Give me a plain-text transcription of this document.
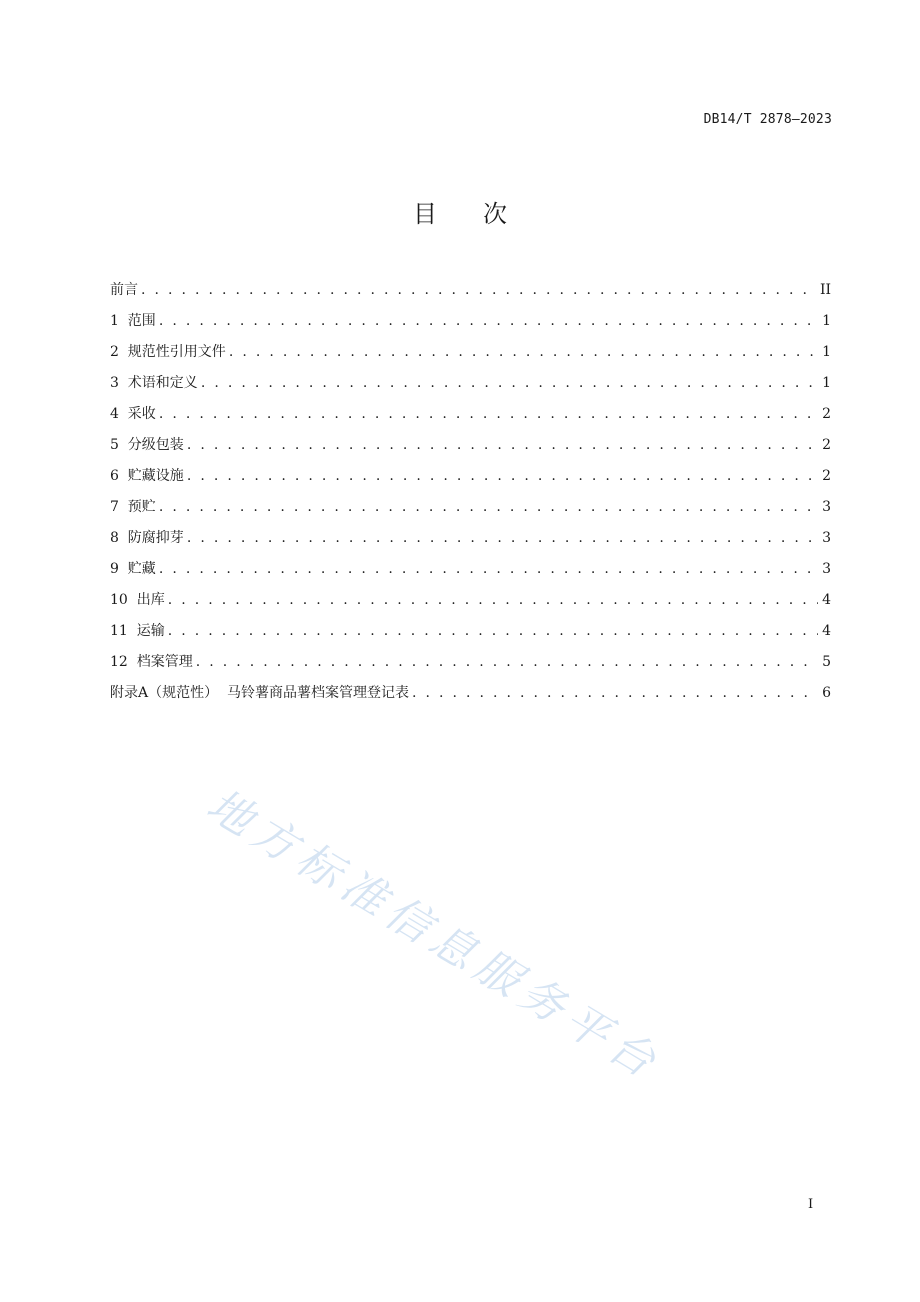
DB14/T 2878—2023
目次
前言 . . .	II
1  范围 . . .	1
2  规范性引用文件 . . .	1
3  术语和定义 . . .	1
4  采收 . . .	2
5  分级包装 . . .	2
6  贮藏设施 . . .	2
7  预贮 . . .	3
8  防腐抑芽 . . .	3
9  贮藏 . . .	3
10  出库 . . .	4
11  运输 . . .	4
12  档案管理 . . .	5
附录A（规范性）  马铃薯商品薯档案管理登记表 . . .	6
地方标准信息服务平台
I
